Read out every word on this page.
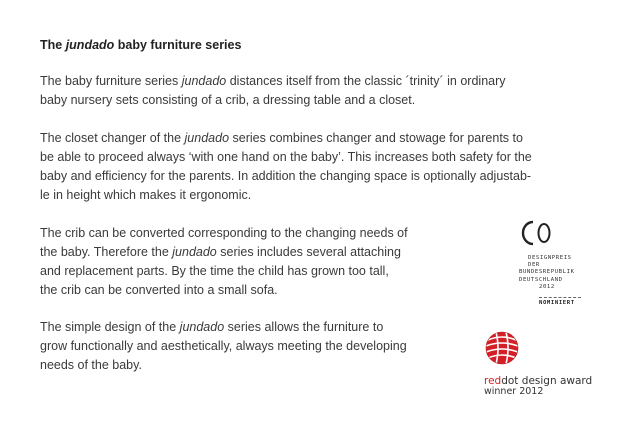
The jundado baby furniture series
The baby furniture series jundado distances itself from the classic ´trinity´ in ordinary
baby nursery sets consisting of a crib, a dressing table and a closet.
The closet changer of the jundado series combines changer and stowage for parents to
be able to proceed always ‘with one hand on the baby’. This increases both safety for the
baby and efficiency for the parents. In addition the changing space is optionally adjustab-
le in height which makes it ergonomic.
The crib can be converted corresponding to the changing needs of
the baby. Therefore the jundado series includes several attaching
and replacement parts. By the time the child has grown too tall,
the crib can be converted into a small sofa.
The simple design of the jundado series allows the furniture to
grow functionally and aesthetically, always meeting the developing
needs of the baby.
DESIGNPREIS
DER
BUNDESREPUBLIK
DEUTSCHLAND
2012
NOMINIERT
reddot design award
winner 2012
